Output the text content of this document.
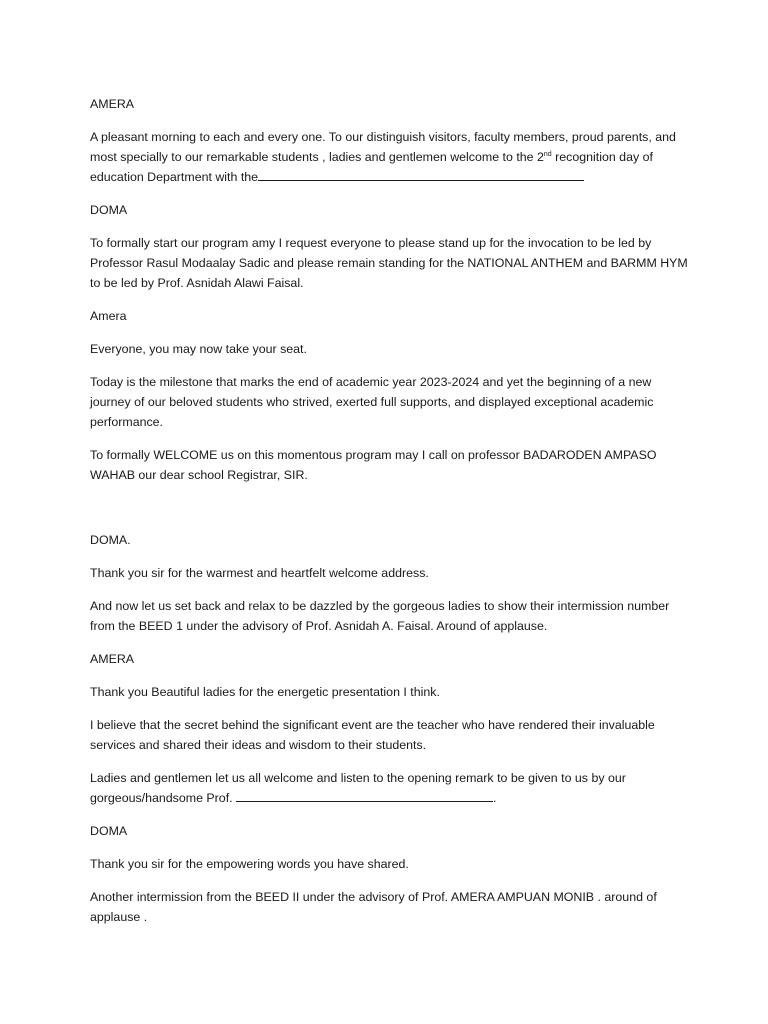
AMERA
A pleasant morning to each and every one. To our distinguish visitors, faculty members, proud parents, and most specially to our remarkable students , ladies and gentlemen welcome to the 2nd recognition day of education Department with the
DOMA
To formally start our program amy I request everyone to please stand up for the invocation to be led by Professor Rasul Modaalay Sadic and please remain standing for the NATIONAL ANTHEM and BARMM HYM to be led by Prof. Asnidah Alawi Faisal.
Amera
Everyone, you may now take your seat.
Today is the milestone that marks the end of academic year 2023-2024 and yet the beginning of a new journey of our beloved students who strived, exerted full supports, and displayed exceptional academic performance.
To formally WELCOME us on this momentous program may I call on professor BADARODEN AMPASO WAHAB our dear school Registrar, SIR.
DOMA.
Thank you sir for the warmest and heartfelt welcome address.
And now let us set back and relax to be dazzled by the gorgeous ladies to show their intermission number from the BEED 1 under the advisory of Prof. Asnidah A. Faisal. Around of applause.
AMERA
Thank you Beautiful ladies for the energetic presentation I think.
I believe that the secret behind the significant event are the teacher who have rendered their invaluable services and shared their ideas and wisdom to their students.
Ladies and gentlemen let us all welcome and listen to the opening remark to be given to us by our gorgeous/handsome Prof.	.
DOMA
Thank you sir for the empowering words you have shared.
Another intermission from the BEED II under the advisory of Prof. AMERA AMPUAN MONIB . around of applause .
